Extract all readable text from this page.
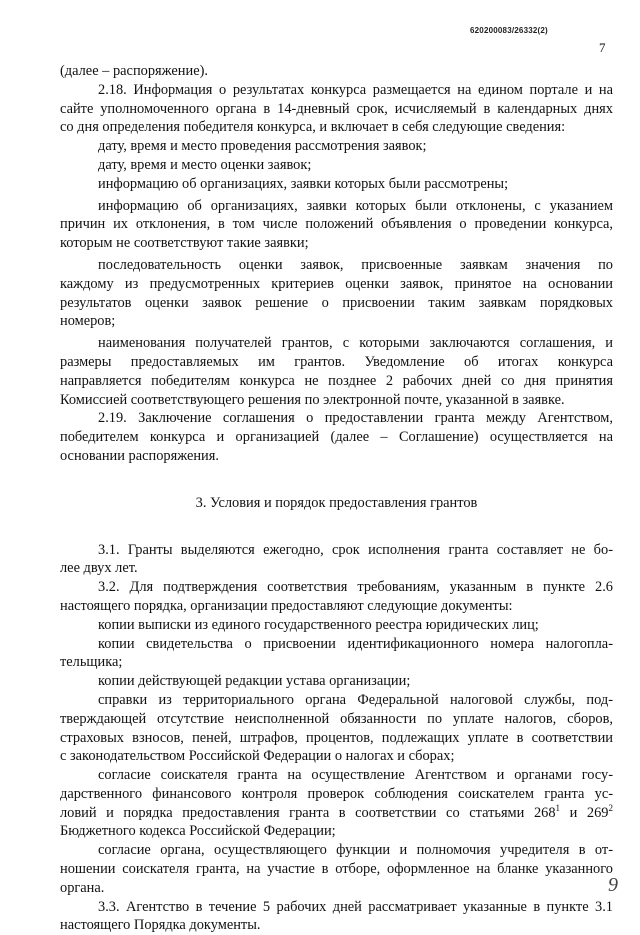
620200083/26332(2)
7

(далее – распоряжение).

2.18. Информация о результатах конкурса размещается на едином портале и на

сайте уполномоченного органа в 14-дневный срок, исчисляемый в календарных днях

со дня определения победителя конкурса, и включает в себя следующие сведения:

дату, время и место проведения рассмотрения заявок;

дату, время и место оценки заявок;

информацию об организациях, заявки которых были рассмотрены;

информацию об организациях, заявки которых были отклонены, с указанием

причин их отклонения, в том числе положений объявления о проведении конкурса,

которым не соответствуют такие заявки;

последовательность оценки заявок, присвоенные заявкам значения по

каждому из предусмотренных критериев оценки заявок, принятое на основании

результатов оценки заявок решение о присвоении таким заявкам порядковых

номеров;

наименования получателей грантов, с которыми заключаются соглашения, и

размеры предоставляемых им грантов. Уведомление об итогах конкурса

направляется победителям конкурса не позднее 2 рабочих дней со дня принятия

Комиссией соответствующего решения по электронной почте, указанной в заявке.

2.19. Заключение соглашения о предоставлении гранта между Агентством,

победителем конкурса и организацией (далее – Соглашение) осуществляется на

основании распоряжения.

3. Условия и порядок предоставления грантов

3.1. Гранты выделяются ежегодно, срок исполнения гранта составляет не бо-

лее двух лет.

3.2. Для подтверждения соответствия требованиям, указанным в пункте 2.6

настоящего порядка, организации предоставляют следующие документы:

копии выписки из единого государственного реестра юридических лиц;

копии свидетельства о присвоении идентификационного номера налогопла-

тельщика;

копии действующей редакции устава организации;

справки из территориального органа Федеральной налоговой службы, под-

тверждающей отсутствие неисполненной обязанности по уплате налогов, сборов,

страховых взносов, пеней, штрафов, процентов, подлежащих уплате в соответствии

с законодательством Российской Федерации о налогах и сборах;

согласие соискателя гранта на осуществление Агентством и органами госу-

дарственного финансового контроля проверок соблюдения соискателем гранта ус-

ловий и порядка предоставления гранта в соответствии со статьями $268^1$ и $269^2$

Бюджетного кодекса Российской Федерации;

согласие органа, осуществляющего функции и полномочия учредителя в от-

ношении соискателя гранта, на участие в отборе, оформленное на бланке указанного

органа.

3.3. Агентство в течение 5 рабочих дней рассматривает указанные в пункте 3.1

настоящего Порядка документы.

9
